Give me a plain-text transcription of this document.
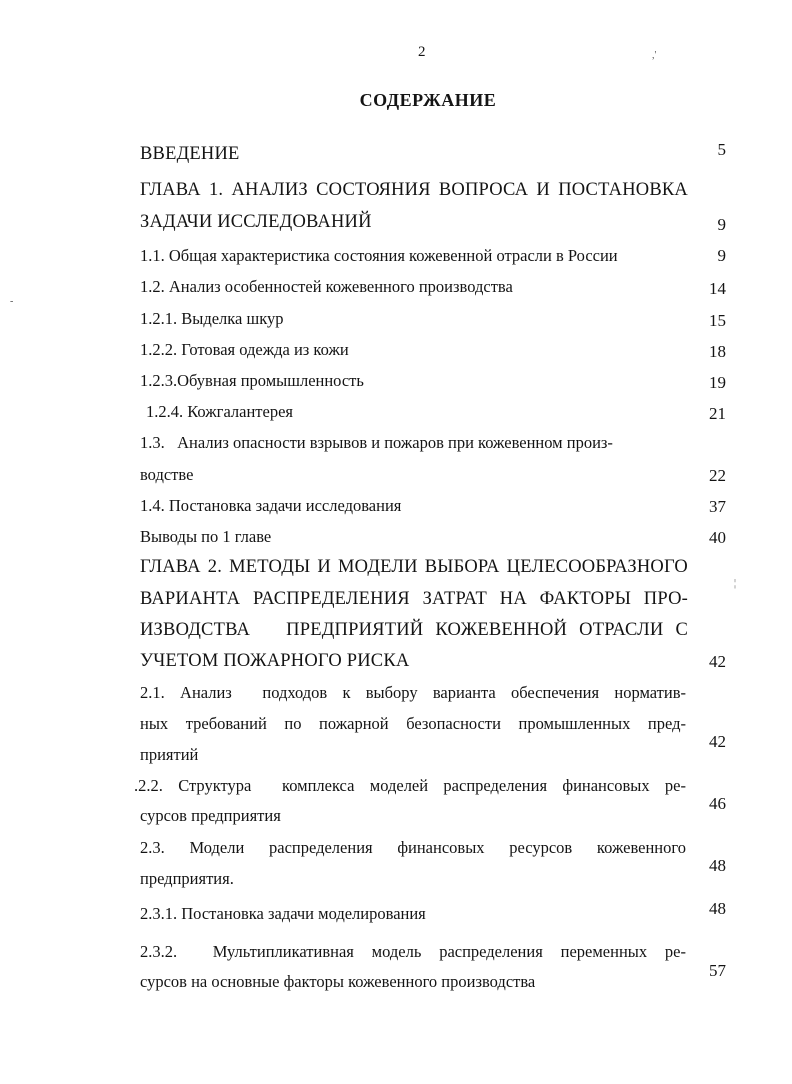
2
СОДЕРЖАНИЕ
ВВЕДЕНИЕ	5
ГЛАВА 1. АНАЛИЗ СОСТОЯНИЯ ВОПРОСА И ПОСТАНОВКА
ЗАДАЧИ ИССЛЕДОВАНИЙ	9
1.1. Общая характеристика состояния кожевенной отрасли в России	9
1.2. Анализ особенностей кожевенного производства	14
1.2.1. Выделка шкур	15
1.2.2. Готовая одежда из кожи	18
1.2.3.Обувная промышленность	19
1.2.4. Кожгалантерея	21
1.3.   Анализ опасности взрывов и пожаров при кожевенном произ-
водстве	22
1.4. Постановка задачи исследования	37
Выводы по 1 главе	40
ГЛАВА 2. МЕТОДЫ И МОДЕЛИ ВЫБОРА ЦЕЛЕСООБРАЗНОГО
ВАРИАНТА РАСПРЕДЕЛЕНИЯ ЗАТРАТ НА ФАКТОРЫ ПРО-
ИЗВОДСТВА   ПРЕДПРИЯТИЙ КОЖЕВЕННОЙ ОТРАСЛИ С
УЧЕТОМ ПОЖАРНОГО РИСКА	42
2.1. Анализ  подходов к выбору варианта обеспечения норматив-
ных требований по пожарной безопасности промышленных пред-
приятий
42
.2.2. Структура  комплекса моделей распределения финансовых ре-
сурсов предприятия
46
2.3. Модели распределения финансовых ресурсов кожевенного
предприятия.
48
2.3.1. Постановка задачи моделирования	48
2.3.2.  Мультипликативная модель распределения переменных ре-
сурсов на основные факторы кожевенного производства
57
,'
-
¦
